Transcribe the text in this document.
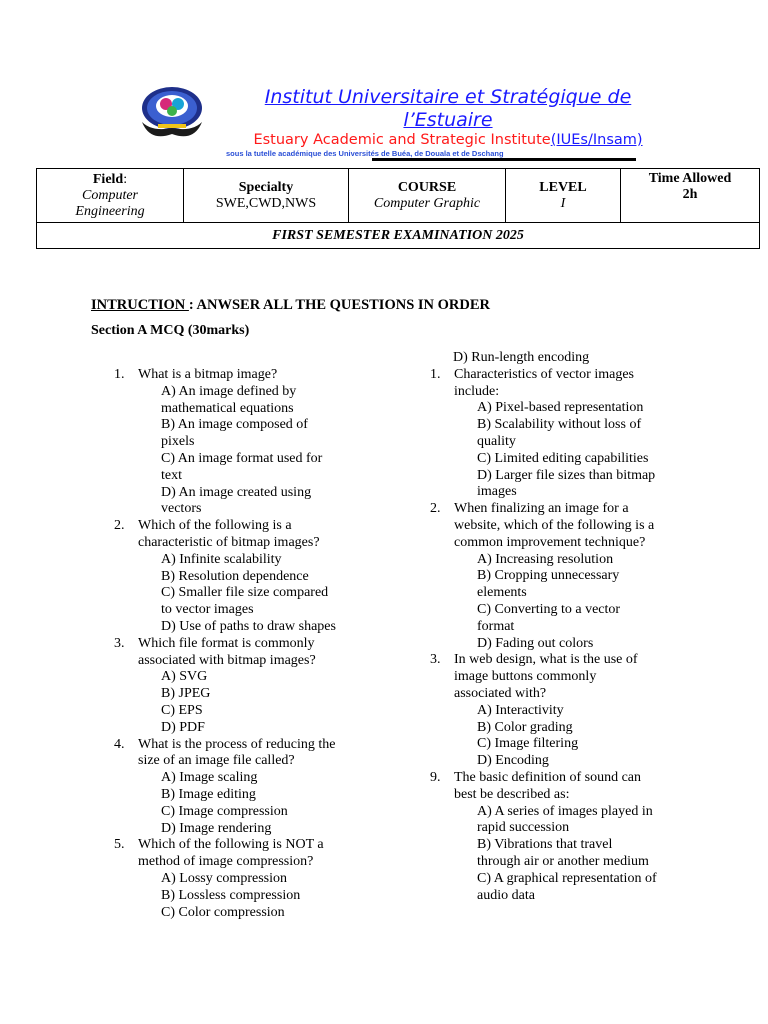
Institut Universitaire et Stratégique de
l’Estuaire
Estuary Academic and Strategic Institute(IUEs/Insam)
sous la tutelle académique des Universités de Buéa, de Douala et de Dschang
Field:
Computer
Engineering

Specialty
SWE,CWD,NWS

COURSE
Computer Graphic

LEVEL
I

Time Allowed
2h

FIRST SEMESTER EXAMINATION 2025
INTRUCTION : ANWSER ALL THE QUESTIONS IN ORDER
Section A MCQ (30marks)
1. What is a bitmap image?
A) An image defined by
mathematical equations
B) An image composed of
pixels
C) An image format used for
text
D) An image created using
vectors
2. Which of the following is a
characteristic of bitmap images?
A) Infinite scalability
B) Resolution dependence
C) Smaller file size compared
to vector images
D) Use of paths to draw shapes
3. Which file format is commonly
associated with bitmap images?
A) SVG
B) JPEG
C) EPS
D) PDF
4. What is the process of reducing the
size of an image file called?
A) Image scaling
B) Image editing
C) Image compression
D) Image rendering
5. Which of the following is NOT a
method of image compression?
A) Lossy compression
B) Lossless compression
C) Color compression
D) Run-length encoding
1. Characteristics of vector images
include:
A) Pixel-based representation
B) Scalability without loss of
quality
C) Limited editing capabilities
D) Larger file sizes than bitmap
images
2. When finalizing an image for a
website, which of the following is a
common improvement technique?
A) Increasing resolution
B) Cropping unnecessary
elements
C) Converting to a vector
format
D) Fading out colors
3. In web design, what is the use of
image buttons commonly
associated with?
A) Interactivity
B) Color grading
C) Image filtering
D) Encoding
9. The basic definition of sound can
best be described as:
A) A series of images played in
rapid succession
B) Vibrations that travel
through air or another medium
C) A graphical representation of
audio data
